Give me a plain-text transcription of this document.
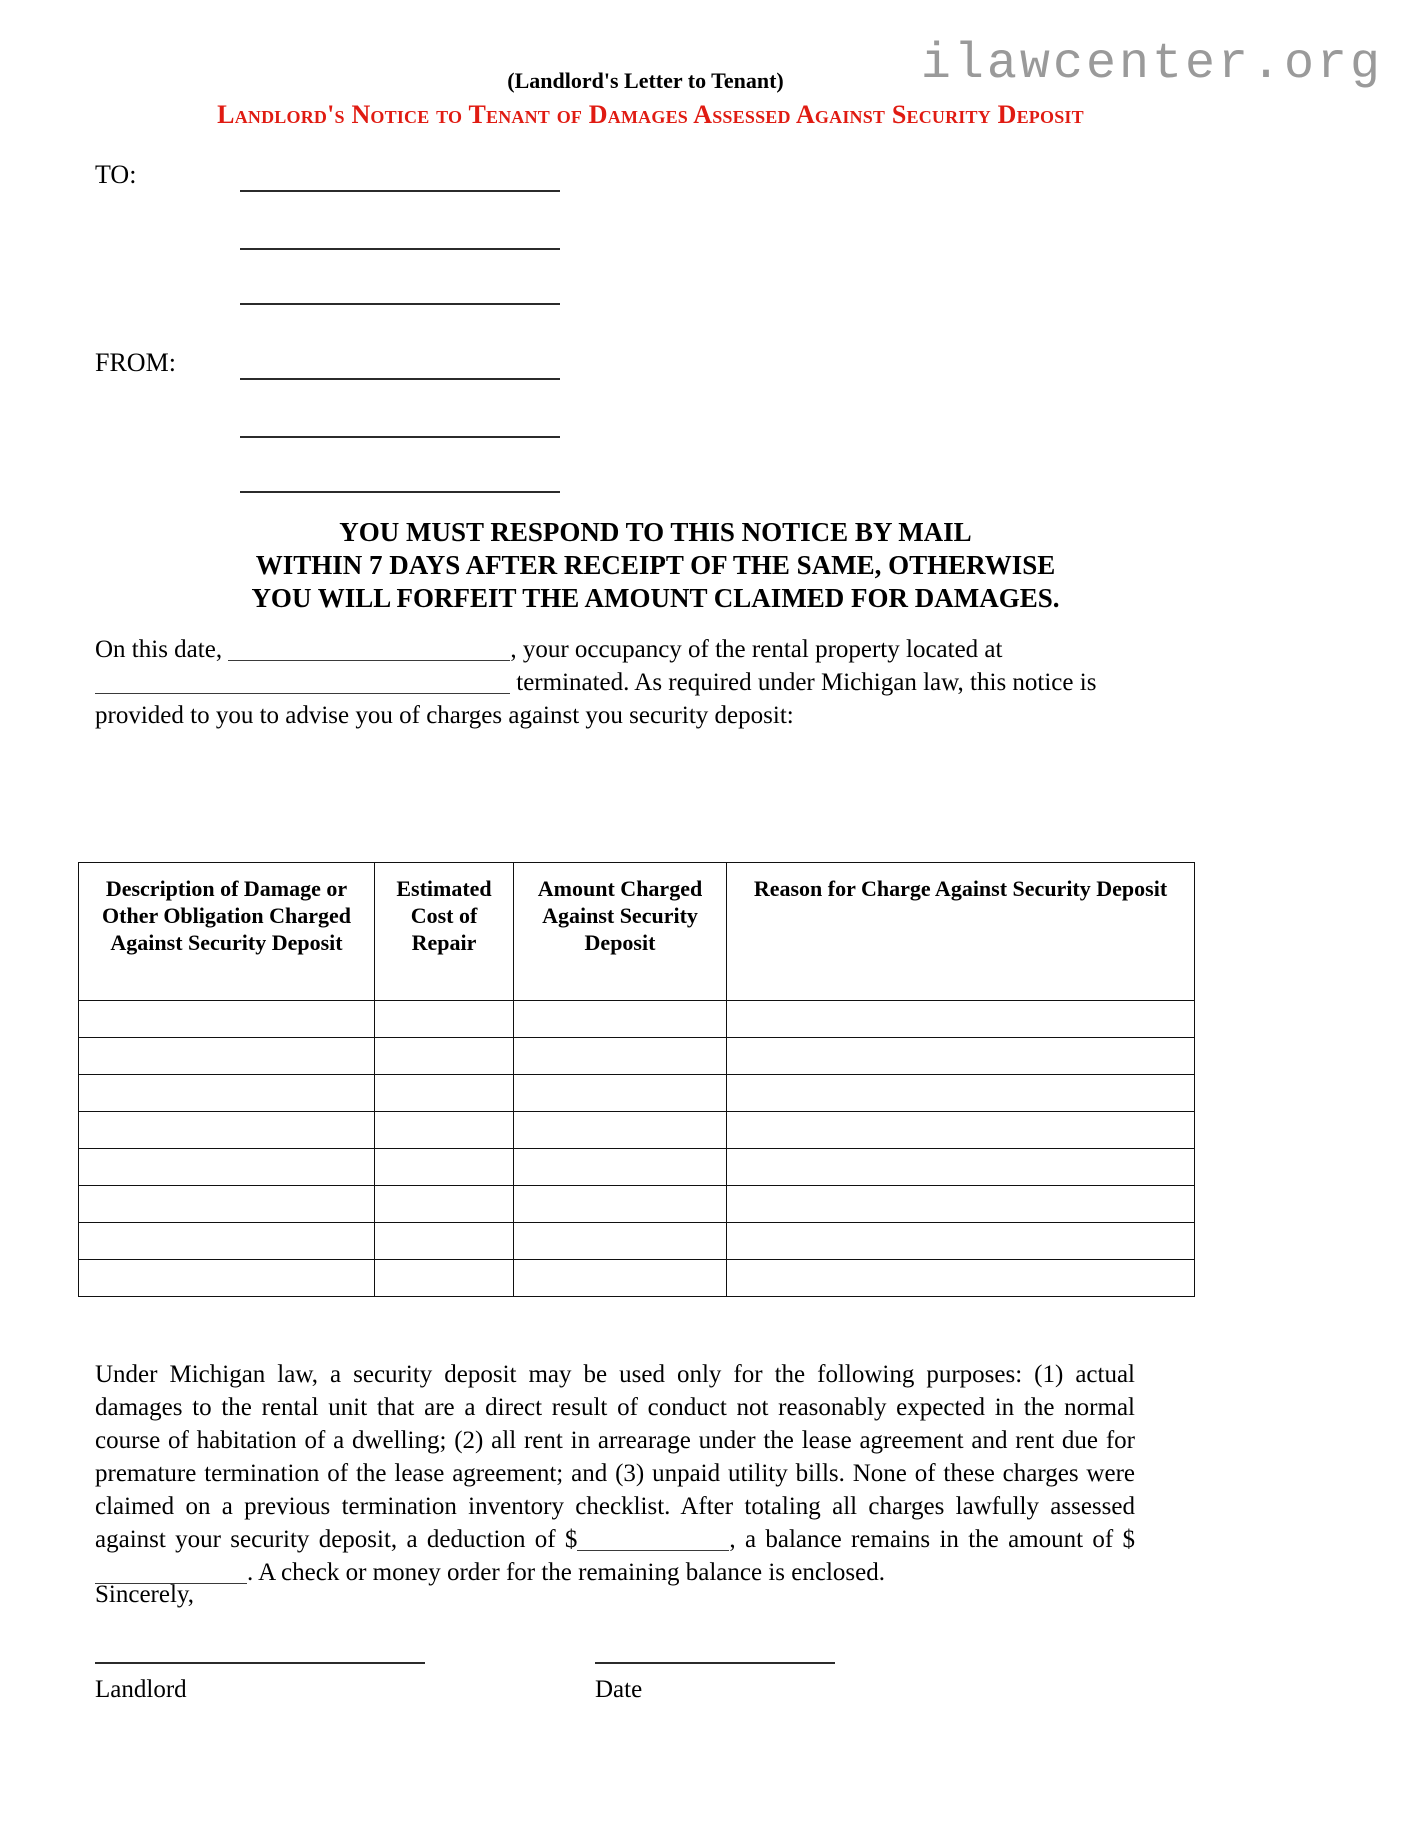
ilawcenter.org
(Landlord's Letter to Tenant)
Landlord's Notice to Tenant of Damages Assessed Against Security Deposit
TO:
FROM:
YOU MUST RESPOND TO THIS NOTICE BY MAIL
WITHIN 7 DAYS AFTER RECEIPT OF THE SAME, OTHERWISE
YOU WILL FORFEIT THE AMOUNT CLAIMED FOR DAMAGES.
On this date,	, your occupancy of the rental property located at
terminated. As required under Michigan law, this notice is
provided to you to advise you of charges against you security deposit:
Description of Damage or Other Obligation Charged Against Security Deposit	Estimated Cost of Repair	Amount Charged Against Security Deposit	Reason for Charge Against Security Deposit

Under Michigan law, a security deposit may be used only for the following purposes: (1) actual damages to the rental unit that are a direct result of conduct not reasonably expected in the normal course of habitation of a dwelling; (2) all rent in arrearage under the lease agreement and rent due for premature termination of the lease agreement; and (3) unpaid utility bills. None of these charges were claimed on a previous termination inventory checklist. After totaling all charges lawfully assessed against your security deposit, a deduction of $	, a balance remains in the amount of $. A check or money order for the remaining balance is enclosed.
Sincerely,
Landlord	Date
